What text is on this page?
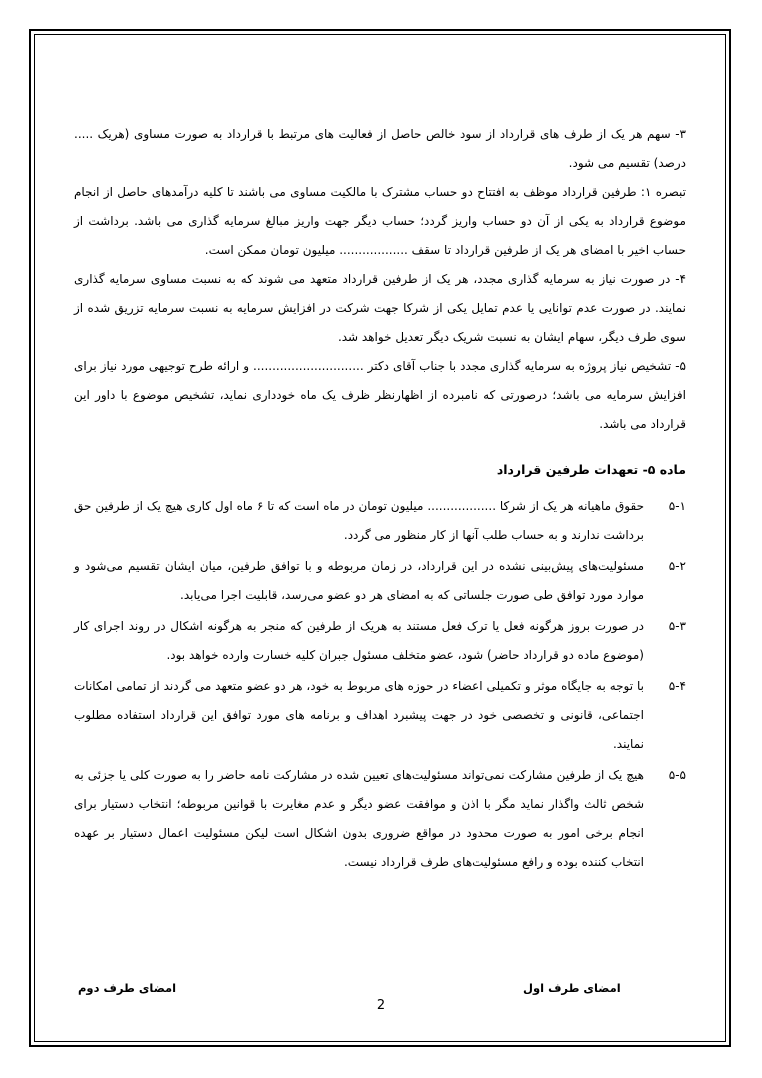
۳- سهم هر یک از طرف های قرارداد از سود خالص حاصل از فعالیت های مرتبط با قرارداد به صورت مساوی (هریک ..... درصد) تقسیم می شود.

تبصره ۱: طرفین قرارداد موظف به افتتاح دو حساب مشترک با مالکیت مساوی می باشند تا کلیه درآمدهای حاصل از انجام موضوع قرارداد به یکی از آن دو حساب واریز گردد؛ حساب دیگر جهت واریز مبالغ سرمایه گذاری می باشد. برداشت از حساب اخیر با امضای هر یک از طرفین قرارداد تا سقف .................. میلیون تومان ممکن است.

۴- در صورت نیاز به سرمایه گذاری مجدد، هر یک از طرفین قرارداد متعهد می شوند که به نسبت مساوی سرمایه گذاری نمایند. در صورت عدم توانایی یا عدم تمایل یکی از شرکا جهت شرکت در افزایش سرمایه به نسبت سرمایه تزریق شده از سوی طرف دیگر، سهام ایشان به نسبت شریک دیگر تعدیل خواهد شد.

۵- تشخیص نیاز پروژه به سرمایه گذاری مجدد با جناب آقای دکتر ............................. و ارائه طرح توجیهی مورد نیاز برای افزایش سرمایه می باشد؛ درصورتی که نامبرده از اظهارنظر ظرف یک ماه خودداری نماید، تشخیص موضوع با داور این قرارداد می باشد.

ماده ۵- تعهدات طرفین قرارداد
۵-۱
حقوق ماهیانه هر یک از شرکا .................. میلیون تومان در ماه است که تا ۶ ماه اول کاری هیچ یک از طرفین حق برداشت ندارند و به حساب طلب آنها از کار منظور می گردد.
۵-۲
مسئولیت‌های پیش‌بینی نشده در این قرارداد، در زمان مربوطه و با توافق طرفین، میان ایشان تقسیم می‌شود و موارد مورد توافق طی صورت جلساتی که به امضای هر دو عضو می‌رسد، قابلیت اجرا می‌یابد.
۵-۳
در صورت بروز هرگونه فعل یا ترک فعل مستند به هریک از طرفین که منجر به هرگونه اشکال در روند اجرای کار (موضوع ماده دو قرارداد حاضر) شود، عضو متخلف مسئول جبران کلیه خسارت وارده خواهد بود.
۵-۴
با توجه به جایگاه موثر و تکمیلی اعضاء در حوزه های مربوط به خود، هر دو عضو متعهد می گردند از تمامی امکانات اجتماعی، قانونی و تخصصی خود در جهت پیشبرد اهداف و برنامه های مورد توافق این قرارداد استفاده مطلوب نمایند.
۵-۵
هیچ یک از طرفین مشارکت نمی‌تواند مسئولیت‌های تعیین شده در مشارکت نامه حاضر را به صورت کلی یا جزئی به شخص ثالث واگذار نماید مگر با اذن و موافقت عضو دیگر و عدم مغایرت با قوانین مربوطه؛ انتخاب دستیار برای انجام برخی امور به صورت محدود در مواقع ضروری بدون اشکال است لیکن مسئولیت اعمال دستیار بر عهده انتخاب کننده بوده و رافع مسئولیت‌های طرف قرارداد نیست.
امضای طرف اول
امضای طرف دوم
2
